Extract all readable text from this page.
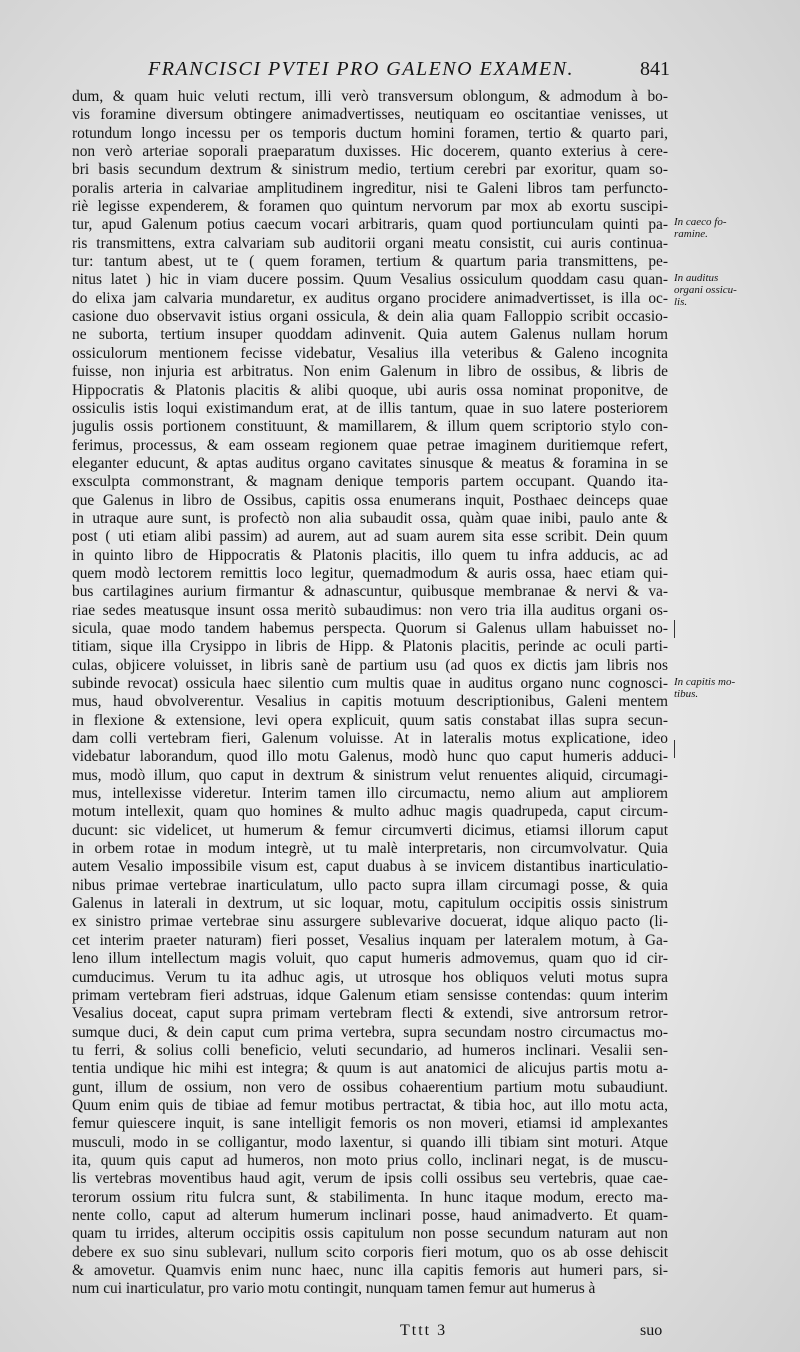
FRANCISCI PVTEI PRO GALENO EXAMEN.	841
dum, & quam huic veluti rectum, illi verò transversum oblongum, & admodum à bo-
vis foramine diversum obtingere animadvertisses, neutiquam eo oscitantiae venisses, ut
rotundum longo incessu per os temporis ductum homini foramen, tertio & quarto pari,
non verò arteriae soporali praeparatum duxisses. Hic docerem, quanto exterius à cere-
bri basis secundum dextrum & sinistrum medio, tertium cerebri par exoritur, quam so-
poralis arteria in calvariae amplitudinem ingreditur, nisi te Galeni libros tam perfuncto-
riè legisse expenderem, & foramen quo quintum nervorum par mox ab exortu suscipi-
tur, apud Galenum potius caecum vocari arbitraris, quam quod portiunculam quinti pa-
ris transmittens, extra calvariam sub auditorii organi meatu consistit, cui auris continua-
tur: tantum abest, ut te ( quem foramen, tertium & quartum paria transmittens, pe-
nitus latet ) hic in viam ducere possim. Quum Vesalius ossiculum quoddam casu quan-
do elixa jam calvaria mundaretur, ex auditus organo procidere animadvertisset, is illa oc-
casione duo observavit istius organi ossicula, & dein alia quam Falloppio scribit occasio-
ne suborta, tertium insuper quoddam adinvenit. Quia autem Galenus nullam horum
ossiculorum mentionem fecisse videbatur, Vesalius illa veteribus & Galeno incognita
fuisse, non injuria est arbitratus. Non enim Galenum in libro de ossibus, & libris de
Hippocratis & Platonis placitis & alibi quoque, ubi auris ossa nominat proponitve, de
ossiculis istis loqui existimandum erat, at de illis tantum, quae in suo latere posteriorem
jugulis ossis portionem constituunt, & mamillarem, & illum quem scriptorio stylo con-
ferimus, processus, & eam osseam regionem quae petrae imaginem duritiemque refert,
eleganter educunt, & aptas auditus organo cavitates sinusque & meatus & foramina in se
exsculpta commonstrant, & magnam denique temporis partem occupant. Quando ita-
que Galenus in libro de Ossibus, capitis ossa enumerans inquit, Posthaec deinceps quae
in utraque aure sunt, is profectò non alia subaudit ossa, quàm quae inibi, paulo ante &
post ( uti etiam alibi passim) ad aurem, aut ad suam aurem sita esse scribit. Dein quum
in quinto libro de Hippocratis & Platonis placitis, illo quem tu infra adducis, ac ad
quem modò lectorem remittis loco legitur, quemadmodum & auris ossa, haec etiam qui-
bus cartilagines aurium firmantur & adnascuntur, quibusque membranae & nervi & va-
riae sedes meatusque insunt ossa meritò subaudimus: non vero tria illa auditus organi os-
sicula, quae modo tandem habemus perspecta. Quorum si Galenus ullam habuisset no-
titiam, sique illa Crysippo in libris de Hipp. & Platonis placitis, perinde ac oculi parti-
culas, objicere voluisset, in libris sanè de partium usu (ad quos ex dictis jam libris nos
subinde revocat) ossicula haec silentio cum multis quae in auditus organo nunc cognosci-
mus, haud obvolverentur. Vesalius in capitis motuum descriptionibus, Galeni mentem
in flexione & extensione, levi opera explicuit, quum satis constabat illas supra secun-
dam colli vertebram fieri, Galenum voluisse. At in lateralis motus explicatione, ideo
videbatur laborandum, quod illo motu Galenus, modò hunc quo caput humeris adduci-
mus, modò illum, quo caput in dextrum & sinistrum velut renuentes aliquid, circumagi-
mus, intellexisse videretur. Interim tamen illo circumactu, nemo alium aut ampliorem
motum intellexit, quam quo homines & multo adhuc magis quadrupeda, caput circum-
ducunt: sic videlicet, ut humerum & femur circumverti dicimus, etiamsi illorum caput
in orbem rotae in modum integrè, ut tu malè interpretaris, non circumvolvatur. Quia
autem Vesalio impossibile visum est, caput duabus à se invicem distantibus inarticulatio-
nibus primae vertebrae inarticulatum, ullo pacto supra illam circumagi posse, & quia
Galenus in laterali in dextrum, ut sic loquar, motu, capitulum occipitis ossis sinistrum
ex sinistro primae vertebrae sinu assurgere sublevarive docuerat, idque aliquo pacto (li-
cet interim praeter naturam) fieri posset, Vesalius inquam per lateralem motum, à Ga-
leno illum intellectum magis voluit, quo caput humeris admovemus, quam quo id cir-
cumducimus. Verum tu ita adhuc agis, ut utrosque hos obliquos veluti motus supra
primam vertebram fieri adstruas, idque Galenum etiam sensisse contendas: quum interim
Vesalius doceat, caput supra primam vertebram flecti & extendi, sive antrorsum retror-
sumque duci, & dein caput cum prima vertebra, supra secundam nostro circumactus mo-
tu ferri, & solius colli beneficio, veluti secundario, ad humeros inclinari. Vesalii sen-
tentia undique hic mihi est integra; & quum is aut anatomici de alicujus partis motu a-
gunt, illum de ossium, non vero de ossibus cohaerentium partium motu subaudiunt.
Quum enim quis de tibiae ad femur motibus pertractat, & tibia hoc, aut illo motu acta,
femur quiescere inquit, is sane intelligit femoris os non moveri, etiamsi id amplexantes
musculi, modo in se colligantur, modo laxentur, si quando illi tibiam sint moturi. Atque
ita, quum quis caput ad humeros, non moto prius collo, inclinari negat, is de muscu-
lis vertebras moventibus haud agit, verum de ipsis colli ossibus seu vertebris, quae cae-
terorum ossium ritu fulcra sunt, & stabilimenta. In hunc itaque modum, erecto ma-
nente collo, caput ad alterum humerum inclinari posse, haud animadverto. Et quam-
quam tu irrides, alterum occipitis ossis capitulum non posse secundum naturam aut non
debere ex suo sinu sublevari, nullum scito corporis fieri motum, quo os ab osse dehiscit
& amovetur. Quamvis enim nunc haec, nunc illa capitis femoris aut humeri pars, si-
num cui inarticulatur, pro vario motu contingit, nunquam tamen femur aut humerus à
In caeco fo-
ramine.
In auditus
organi ossicu-
lis.
In capitis mo-
tibus.
Tttt 3	suo
